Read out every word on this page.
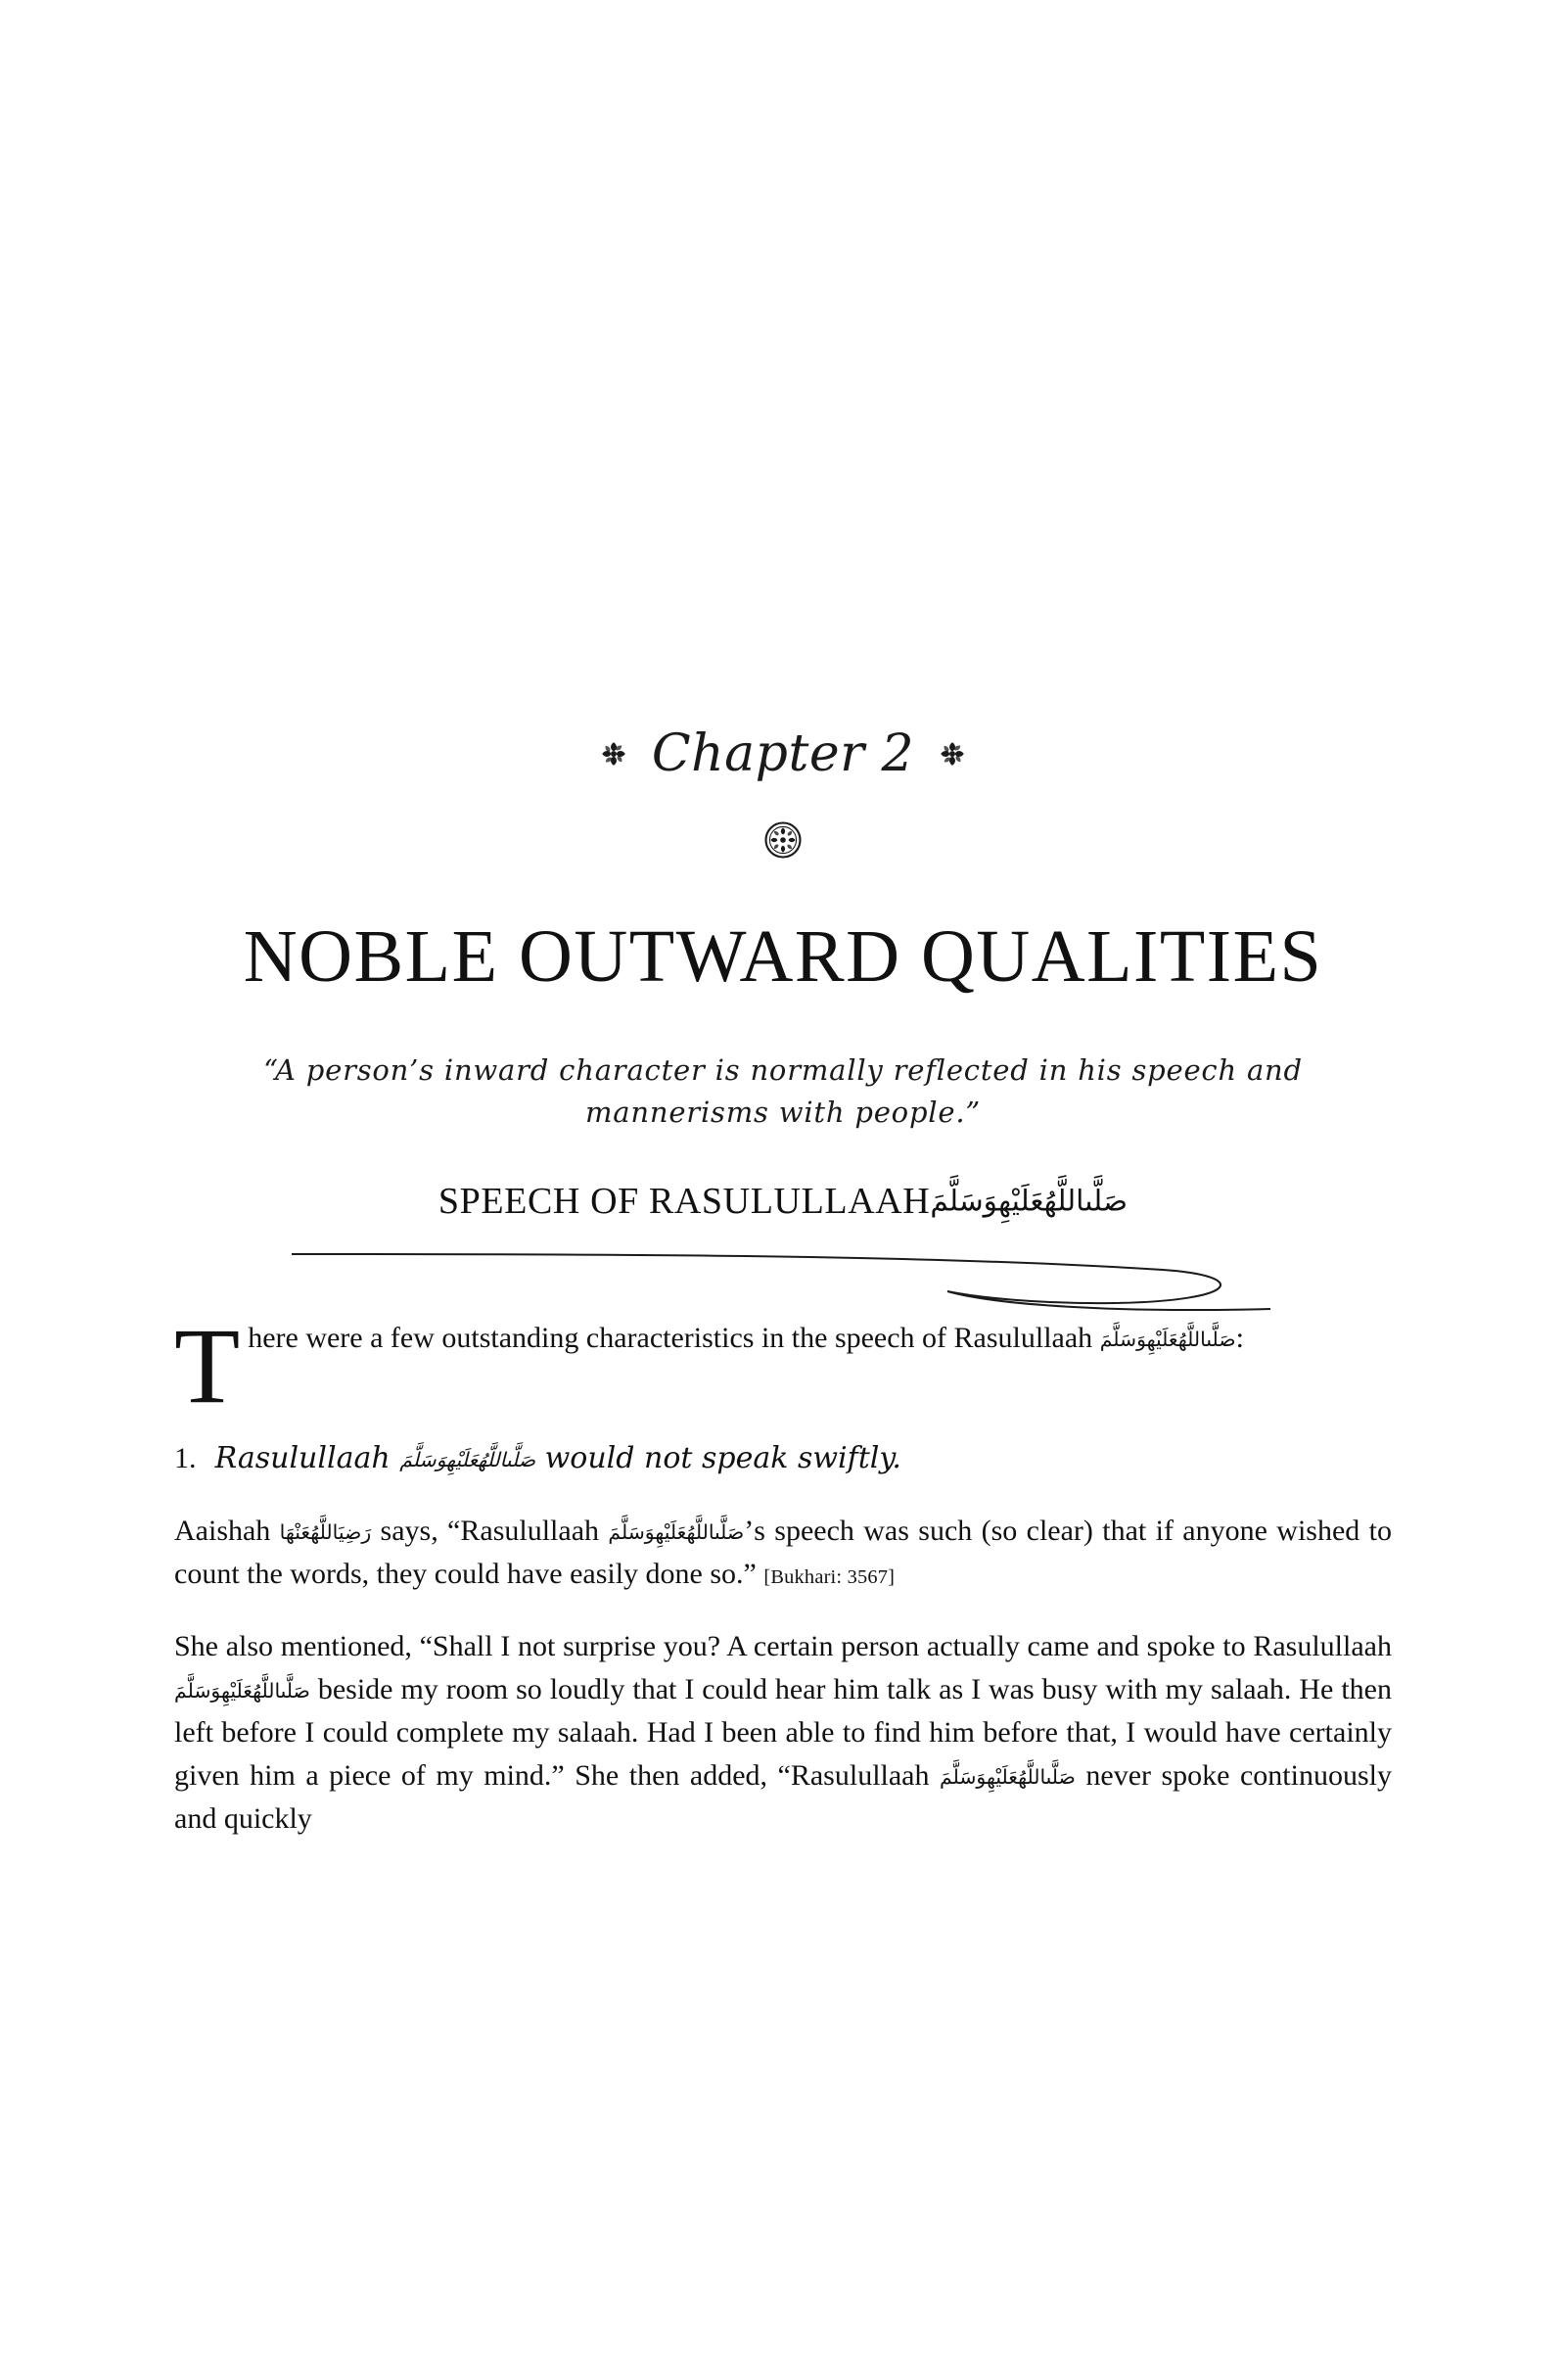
Chapter 2
NOBLE OUTWARD QUALITIES
“A person’s inward character is normally reflected in his speech and mannerisms with people.”
SPEECH OF RASULULLAAHصَلَّىاللَّهُعَلَيْهِوَسَلَّمَ

There were a few outstanding characteristics in the speech of Rasulullaah صَلَّىاللَّهُعَلَيْهِوَسَلَّمَ:

1. Rasulullaah صَلَّىاللَّهُعَلَيْهِوَسَلَّمَ would not speak swiftly.

Aaishah رَضِيَاللَّهُعَنْهَا says, “Rasulullaah صَلَّىاللَّهُعَلَيْهِوَسَلَّمَ’s speech was such (so clear) that if anyone wished to count the words, they could have easily done so.” [Bukhari: 3567]

She also mentioned, “Shall I not surprise you? A certain person actually came and spoke to Rasulullaah صَلَّىاللَّهُعَلَيْهِوَسَلَّمَ beside my room so loudly that I could hear him talk as I was busy with my salaah. He then left before I could complete my salaah. Had I been able to find him before that, I would have certainly given him a piece of my mind.” She then added, “Rasulullaah صَلَّىاللَّهُعَلَيْهِوَسَلَّمَ never spoke continuously and quickly
